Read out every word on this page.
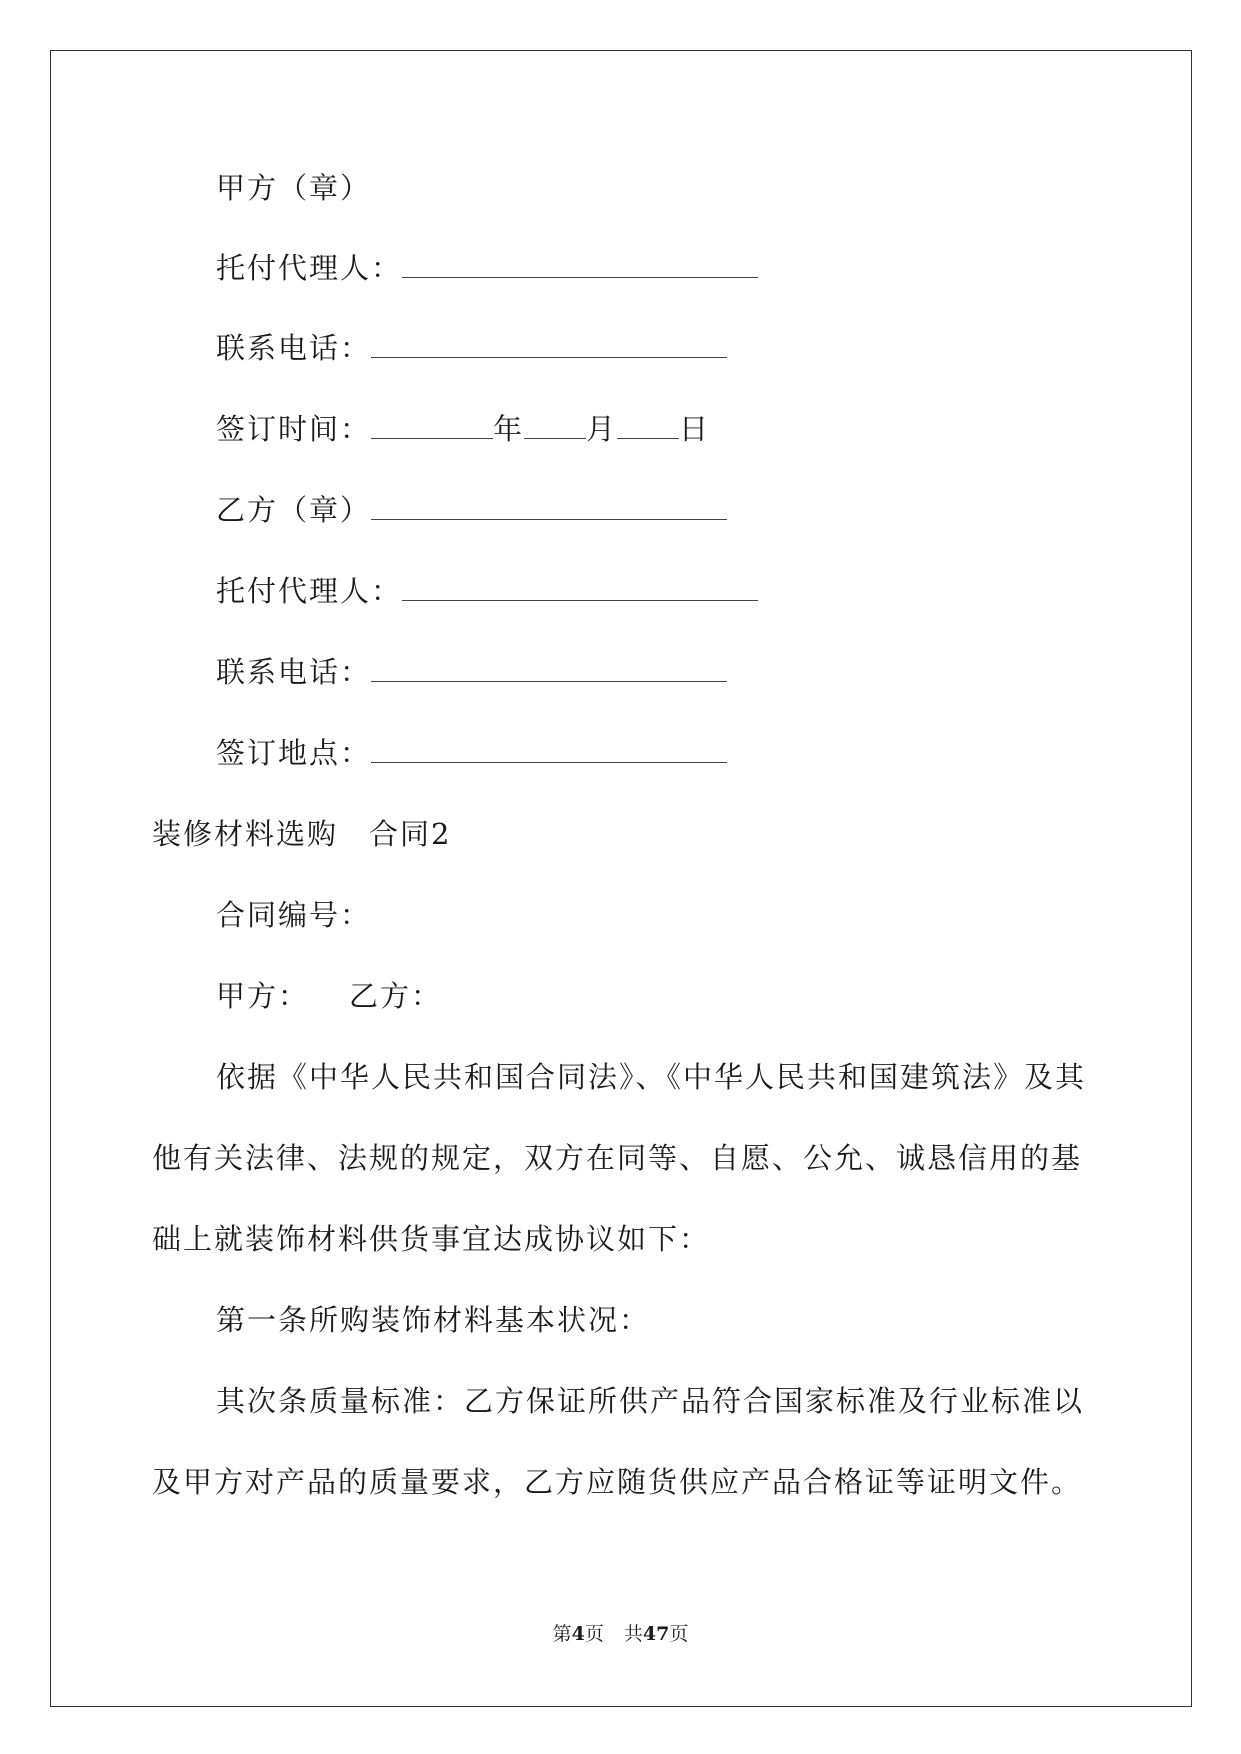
甲方（章）
托付代理人：
联系电话：
签订时间：	年 月 日
乙方（章）
托付代理人：
联系电话：
签订地点：
装修材料选购　合同2
合同编号：
甲方： 乙方：
依据《中华人民共和国合同法》、《中华人民共和国建筑法》及其
他有关法律、法规的规定，双方在同等、自愿、公允、诚恳信用的基
础上就装饰材料供货事宜达成协议如下：
第一条所购装饰材料基本状况：
其次条质量标准：乙方保证所供产品符合国家标准及行业标准以
及甲方对产品的质量要求，乙方应随货供应产品合格证等证明文件。
第4页 共47页
